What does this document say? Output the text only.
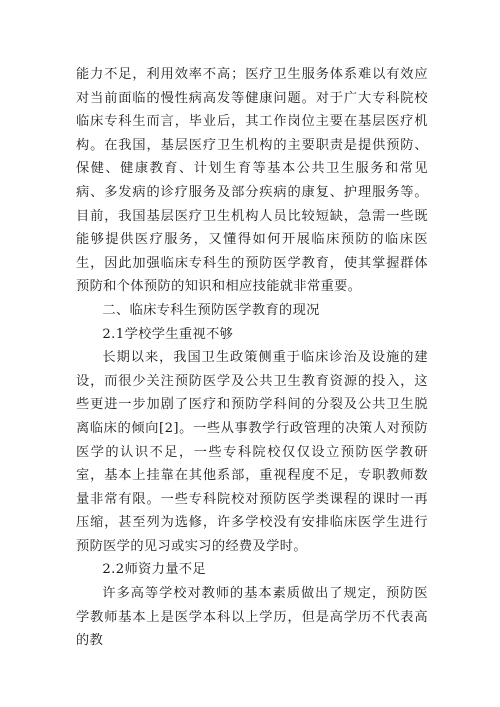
能力不足，利用效率不高；医疗卫生服务体系难以有效应对当前面临的慢性病高发等健康问题。对于广大专科院校临床专科生而言，毕业后，其工作岗位主要在基层医疗机构。在我国，基层医疗卫生机构的主要职责是提供预防、保健、健康教育、计划生育等基本公共卫生服务和常见病、多发病的诊疗服务及部分疾病的康复、护理服务等。目前，我国基层医疗卫生机构人员比较短缺，急需一些既能够提供医疗服务，又懂得如何开展临床预防的临床医生，因此加强临床专科生的预防医学教育，使其掌握群体预防和个体预防的知识和相应技能就非常重要。

二、临床专科生预防医学教育的现况

2.1学校学生重视不够

长期以来，我国卫生政策侧重于临床诊治及设施的建设，而很少关注预防医学及公共卫生教育资源的投入，这些更进一步加剧了医疗和预防学科间的分裂及公共卫生脱离临床的倾向[2]。一些从事教学行政管理的决策人对预防医学的认识不足，一些专科院校仅仅设立预防医学教研室，基本上挂靠在其他系部，重视程度不足，专职教师数量非常有限。一些专科院校对预防医学类课程的课时一再压缩，甚至列为选修，许多学校没有安排临床医学生进行预防医学的见习或实习的经费及学时。

2.2师资力量不足

许多高等学校对教师的基本素质做出了规定，预防医学教师基本上是医学本科以上学历，但是高学历不代表高的教
